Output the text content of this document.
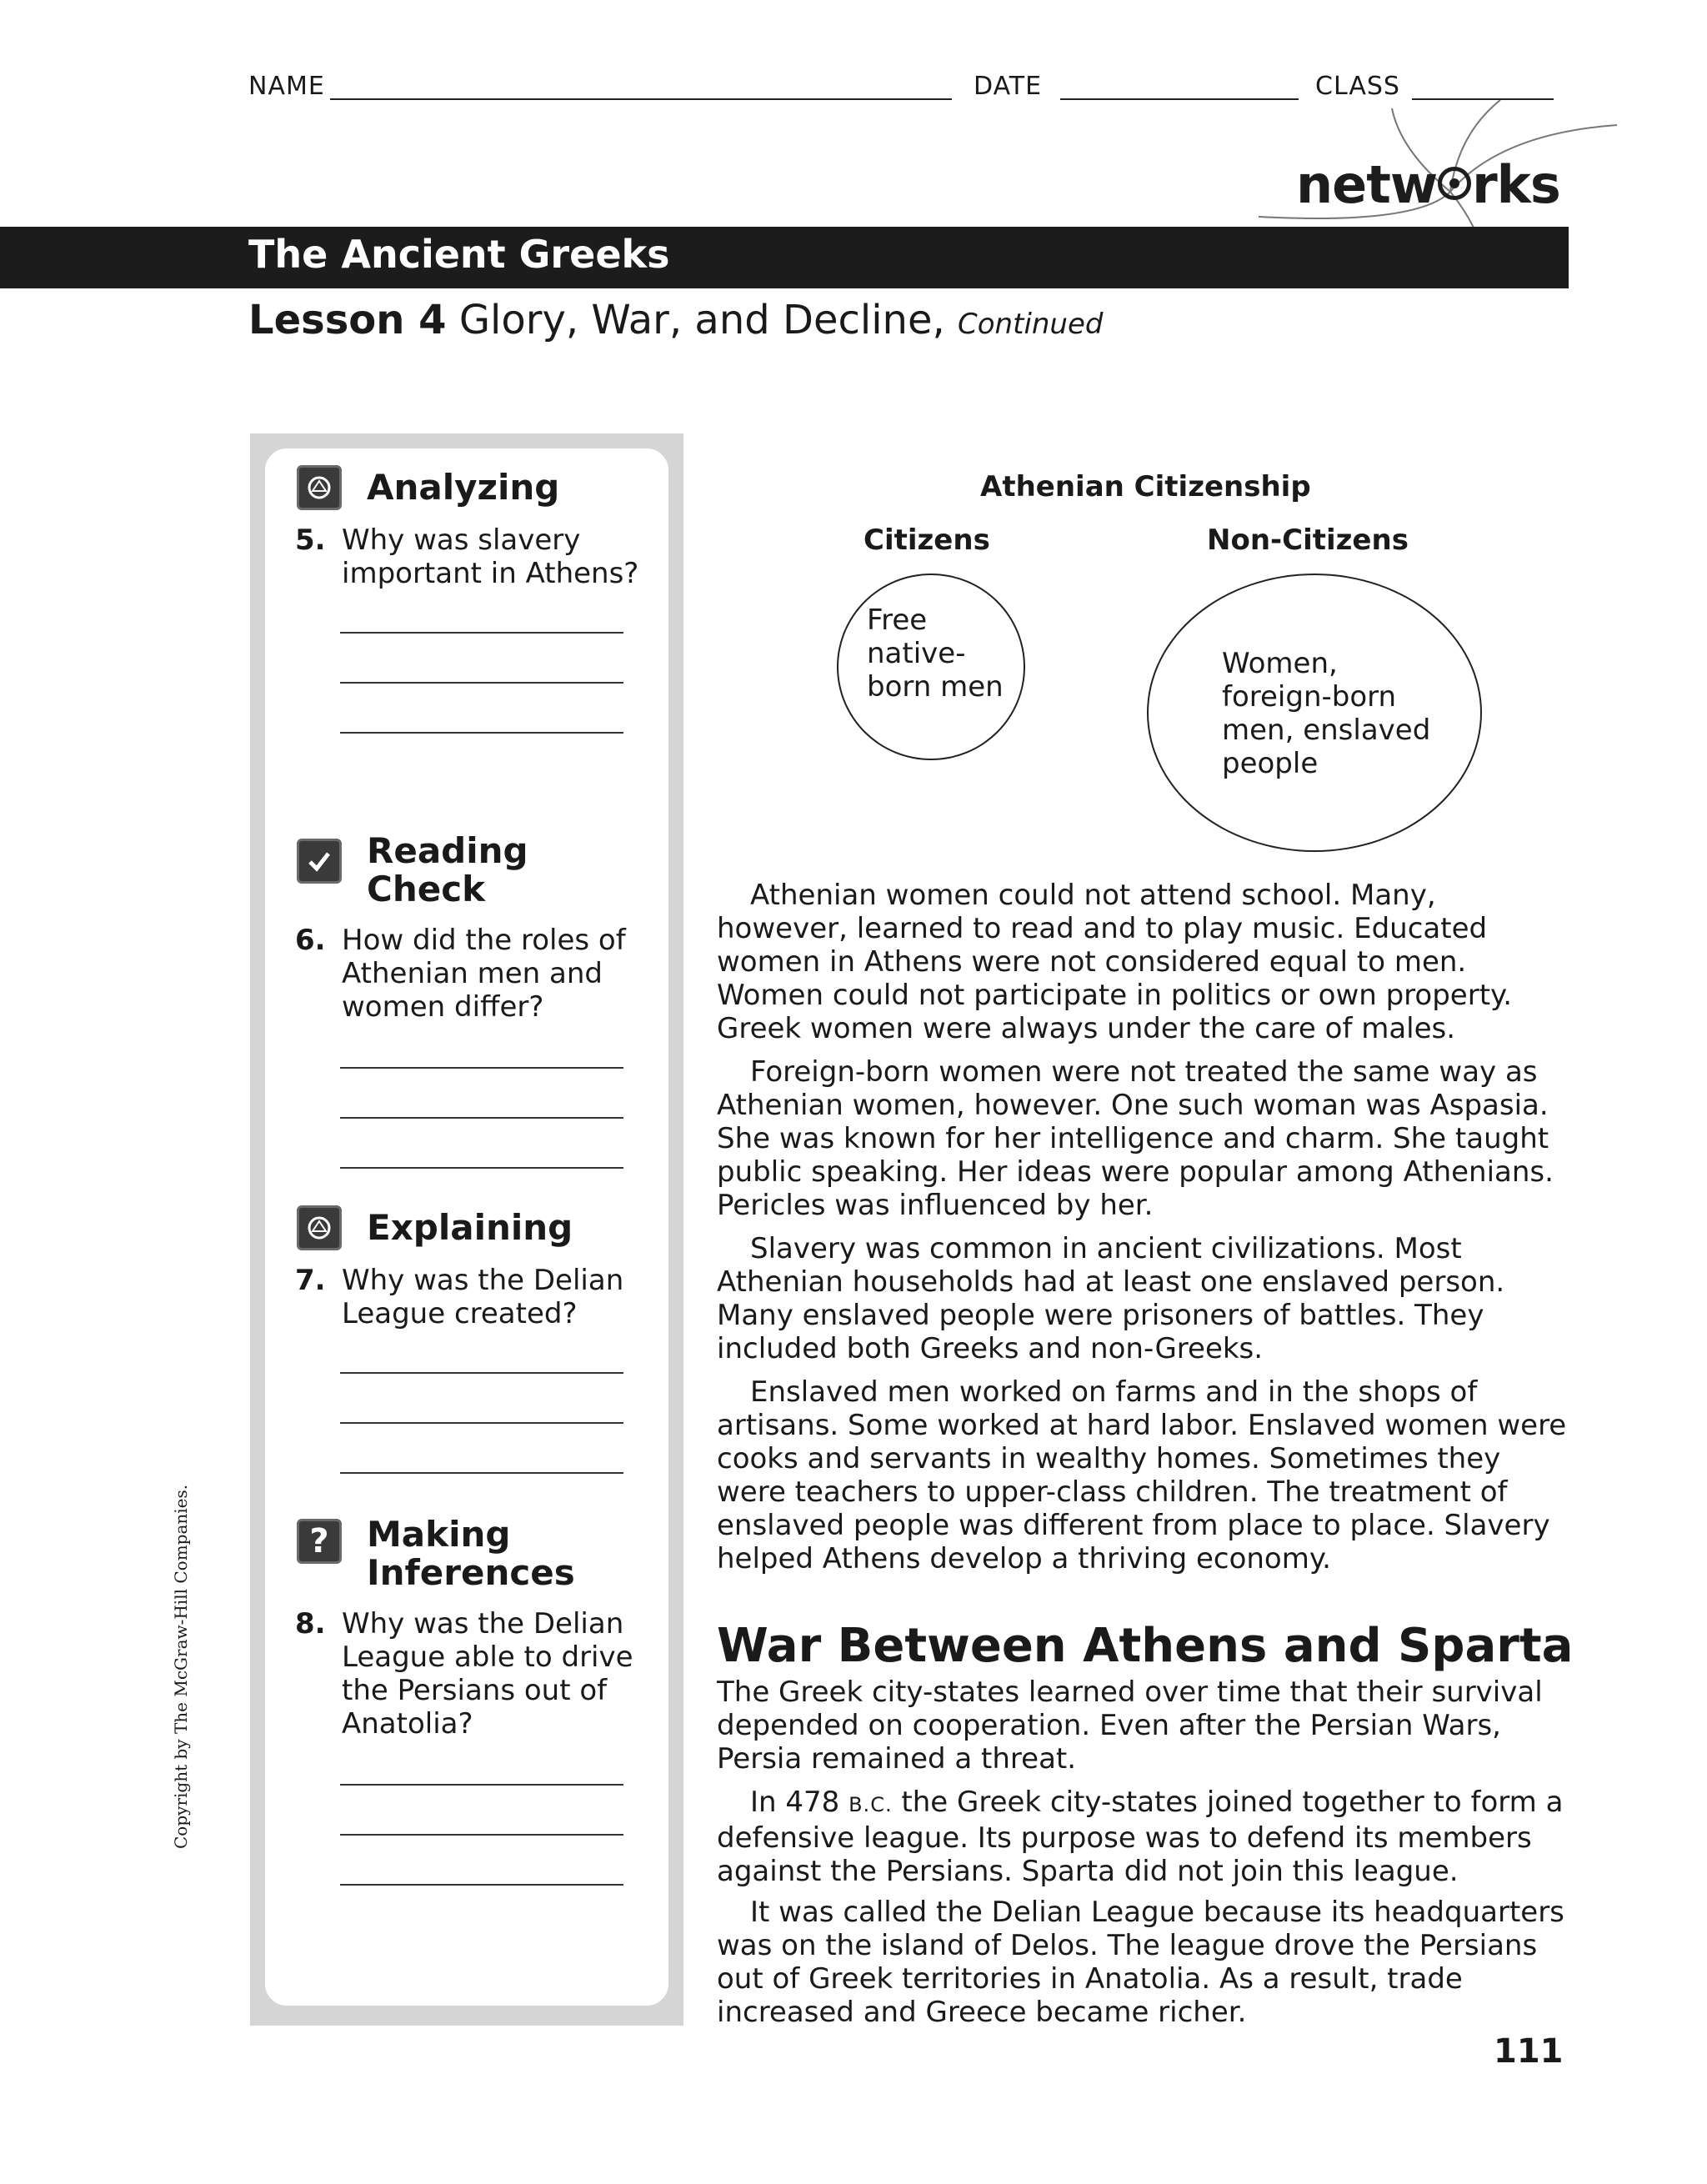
NAME	DATE	CLASS
netw rks
The Ancient Greeks
Lesson 4 Glory, War, and Decline, Continued
Analyzing
5. Why was slavery important in Athens?
Reading
Check
6. How did the roles of Athenian men and women differ?
Explaining
7. Why was the Delian League created?
?	Making
Inferences
8. Why was the Delian League able to drive the Persians out of Anatolia?
Athenian Citizenship
Citizens	Non-Citizens
Free native-born men
Women, foreign-born men, enslaved people

Athenian women could not attend school. Many, however, learned to read and to play music. Educated women in Athens were not considered equal to men. Women could not participate in politics or own property. Greek women were always under the care of males.

Foreign-born women were not treated the same way as Athenian women, however. One such woman was Aspasia. She was known for her intelligence and charm. She taught public speaking. Her ideas were popular among Athenians. Pericles was influenced by her.

Slavery was common in ancient civilizations. Most Athenian households had at least one enslaved person. Many enslaved people were prisoners of battles. They included both Greeks and non-Greeks.

Enslaved men worked on farms and in the shops of artisans. Some worked at hard labor. Enslaved women were cooks and servants in wealthy homes. Sometimes they were teachers to upper-class children. The treatment of enslaved people was different from place to place. Slavery helped Athens develop a thriving economy.

War Between Athens and Sparta

The Greek city-states learned over time that their survival depended on cooperation. Even after the Persian Wars, Persia remained a threat.

In 478 B.C. the Greek city-states joined together to form a defensive league. Its purpose was to defend its members against the Persians. Sparta did not join this league.

It was called the Delian League because its headquarters was on the island of Delos. The league drove the Persians out of Greek territories in Anatolia. As a result, trade increased and Greece became richer.

111
Copyright by The McGraw-Hill Companies.
